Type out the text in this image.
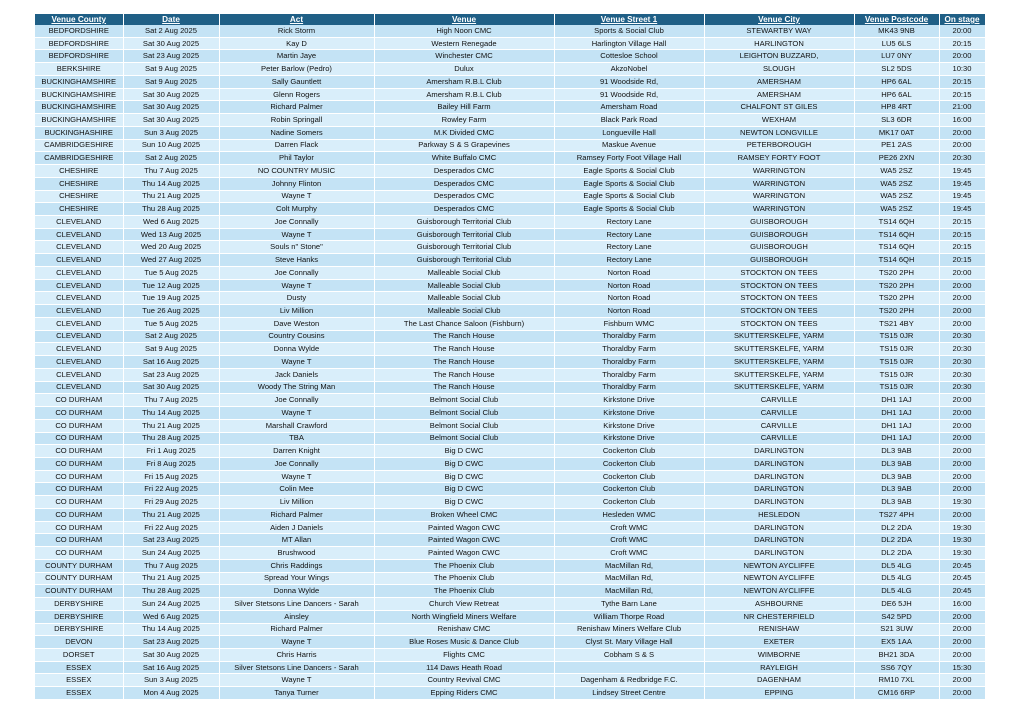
Venue County	Date	Act	Venue	Venue Street 1	Venue City	Venue Postcode	On stage
BEDFORDSHIRE	Sat 2 Aug 2025	Rick Storm	High Noon CMC	Sports & Social Club	STEWARTBY WAY	MK43 9NB	20:00
BEDFORDSHIRE	Sat 30 Aug 2025	Kay D	Western Renegade	Harlington Village Hall	HARLINGTON	LU5 6LS	20:15
BEDFORDSHIRE	Sat 23 Aug 2025	Martin Jaye	Winchester CMC	Cottesloe School	LEIGHTON BUZZARD,	LU7 0NY	20:00
BERKSHIRE	Sat 9 Aug 2025	Peter Barlow (Pedro)	Dulux	AkzoNobel	SLOUGH	SL2 5DS	10:30
BUCKINGHAMSHIRE	Sat 9 Aug 2025	Sally Gauntlett	Amersham R.B.L Club	91 Woodside Rd,	AMERSHAM	HP6 6AL	20:15
BUCKINGHAMSHIRE	Sat 30 Aug 2025	Glenn Rogers	Amersham R.B.L Club	91 Woodside Rd,	AMERSHAM	HP6 6AL	20:15
BUCKINGHAMSHIRE	Sat 30 Aug 2025	Richard Palmer	Bailey Hill Farm	Amersham Road	CHALFONT ST GILES	HP8 4RT	21:00
BUCKINGHAMSHIRE	Sat 30 Aug 2025	Robin Springall	Rowley Farm	Black Park Road	WEXHAM	SL3 6DR	16:00
BUCKINGHASHIRE	Sun 3 Aug 2025	Nadine Somers	M.K Divided CMC	Longueville Hall	NEWTON LONGVILLE	MK17 0AT	20:00
CAMBRIDGESHIRE	Sun 10 Aug 2025	Darren Flack	Parkway S & S Grapevines	Maskue Avenue	PETERBOROUGH	PE1 2AS	20:00
CAMBRIDGESHIRE	Sat 2 Aug 2025	Phil Taylor	White Buffalo CMC	Ramsey Forty Foot Village Hall	RAMSEY FORTY FOOT	PE26 2XN	20:30
CHESHIRE	Thu 7 Aug 2025	NO COUNTRY MUSIC	Desperados CMC	Eagle Sports & Social Club	WARRINGTON	WA5 2SZ	19:45
CHESHIRE	Thu 14 Aug 2025	Johnny Flinton	Desperados CMC	Eagle Sports & Social Club	WARRINGTON	WA5 2SZ	19:45
CHESHIRE	Thu 21 Aug 2025	Wayne T	Desperados CMC	Eagle Sports & Social Club	WARRINGTON	WA5 2SZ	19:45
CHESHIRE	Thu 28 Aug 2025	Colt Murphy	Desperados CMC	Eagle Sports & Social Club	WARRINGTON	WA5 2SZ	19:45
CLEVELAND	Wed 6 Aug 2025	Joe Connally	Guisborough Territorial Club	Rectory Lane	GUISBOROUGH	TS14 6QH	20:15
CLEVELAND	Wed 13 Aug 2025	Wayne T	Guisborough Territorial Club	Rectory Lane	GUISBOROUGH	TS14 6QH	20:15
CLEVELAND	Wed 20 Aug 2025	Souls n" Stone"	Guisborough Territorial Club	Rectory Lane	GUISBOROUGH	TS14 6QH	20:15
CLEVELAND	Wed 27 Aug 2025	Steve Hanks	Guisborough Territorial Club	Rectory Lane	GUISBOROUGH	TS14 6QH	20:15
CLEVELAND	Tue 5 Aug 2025	Joe Connally	Malleable Social Club	Norton Road	STOCKTON ON TEES	TS20 2PH	20:00
CLEVELAND	Tue 12 Aug 2025	Wayne T	Malleable Social Club	Norton Road	STOCKTON ON TEES	TS20 2PH	20:00
CLEVELAND	Tue 19 Aug 2025	Dusty	Malleable Social Club	Norton Road	STOCKTON ON TEES	TS20 2PH	20:00
CLEVELAND	Tue 26 Aug 2025	Liv Million	Malleable Social Club	Norton Road	STOCKTON ON TEES	TS20 2PH	20:00
CLEVELAND	Tue 5 Aug 2025	Dave Weston	The Last Chance Saloon (Fishburn)	Fishburn WMC	STOCKTON ON TEES	TS21 4BY	20:00
CLEVELAND	Sat 2 Aug 2025	Country Cousins	The Ranch House	Thoraldby Farm	SKUTTERSKELFE, YARM	TS15 0JR	20:30
CLEVELAND	Sat 9 Aug 2025	Donna Wylde	The Ranch House	Thoraldby Farm	SKUTTERSKELFE, YARM	TS15 0JR	20:30
CLEVELAND	Sat 16 Aug 2025	Wayne T	The Ranch House	Thoraldby Farm	SKUTTERSKELFE, YARM	TS15 0JR	20:30
CLEVELAND	Sat 23 Aug 2025	Jack Daniels	The Ranch House	Thoraldby Farm	SKUTTERSKELFE, YARM	TS15 0JR	20:30
CLEVELAND	Sat 30 Aug 2025	Woody The String Man	The Ranch House	Thoraldby Farm	SKUTTERSKELFE, YARM	TS15 0JR	20:30
CO DURHAM	Thu 7 Aug 2025	Joe Connally	Belmont Social Club	Kirkstone Drive	CARVILLE	DH1 1AJ	20:00
CO DURHAM	Thu 14 Aug 2025	Wayne T	Belmont Social Club	Kirkstone Drive	CARVILLE	DH1 1AJ	20:00
CO DURHAM	Thu 21 Aug 2025	Marshall Crawford	Belmont Social Club	Kirkstone Drive	CARVILLE	DH1 1AJ	20:00
CO DURHAM	Thu 28 Aug 2025	TBA	Belmont Social Club	Kirkstone Drive	CARVILLE	DH1 1AJ	20:00
CO DURHAM	Fri 1 Aug 2025	Darren Knight	Big D CWC	Cockerton Club	DARLINGTON	DL3 9AB	20:00
CO DURHAM	Fri 8 Aug 2025	Joe Connally	Big D CWC	Cockerton Club	DARLINGTON	DL3 9AB	20:00
CO DURHAM	Fri 15 Aug 2025	Wayne T	Big D CWC	Cockerton Club	DARLINGTON	DL3 9AB	20:00
CO DURHAM	Fri 22 Aug 2025	Colin Mee	Big D CWC	Cockerton Club	DARLINGTON	DL3 9AB	20:00
CO DURHAM	Fri 29 Aug 2025	Liv Million	Big D CWC	Cockerton Club	DARLINGTON	DL3 9AB	19:30
CO DURHAM	Thu 21 Aug 2025	Richard Palmer	Broken Wheel CMC	Hesleden WMC	HESLEDON	TS27 4PH	20:00
CO DURHAM	Fri 22 Aug 2025	Aiden J Daniels	Painted Wagon CWC	Croft WMC	DARLINGTON	DL2 2DA	19:30
CO DURHAM	Sat 23 Aug 2025	MT Allan	Painted Wagon CWC	Croft WMC	DARLINGTON	DL2 2DA	19:30
CO DURHAM	Sun 24 Aug 2025	Brushwood	Painted Wagon CWC	Croft WMC	DARLINGTON	DL2 2DA	19:30
COUNTY DURHAM	Thu 7 Aug 2025	Chris Raddings	The Phoenix Club	MacMillan Rd,	NEWTON AYCLIFFE	DL5 4LG	20:45
COUNTY DURHAM	Thu 21 Aug 2025	Spread Your Wings	The Phoenix Club	MacMillan Rd,	NEWTON AYCLIFFE	DL5 4LG	20:45
COUNTY DURHAM	Thu 28 Aug 2025	Donna Wylde	The Phoenix Club	MacMillan Rd,	NEWTON AYCLIFFE	DL5 4LG	20:45
DERBYSHIRE	Sun 24 Aug 2025	Silver Stetsons Line Dancers - Sarah	Church View Retreat	Tythe Barn Lane	ASHBOURNE	DE6 5JH	16:00
DERBYSHIRE	Wed 6 Aug 2025	Ainsley	North Wingfield Miners Welfare	William Thorpe Road	NR CHESTERFIELD	S42 5PD	20:00
DERBYSHIRE	Thu 14 Aug 2025	Richard Palmer	Renishaw CMC	Renishaw Miners Welfare Club	RENISHAW	S21 3UW	20:00
DEVON	Sat 23 Aug 2025	Wayne T	Blue Roses Music & Dance Club	Clyst St. Mary Village Hall	EXETER	EX5 1AA	20:00
DORSET	Sat 30 Aug 2025	Chris Harris	Flights CMC	Cobham S & S	WIMBORNE	BH21 3DA	20:00
ESSEX	Sat 16 Aug 2025	Silver Stetsons Line Dancers - Sarah	114 Daws Heath Road		RAYLEIGH	SS6 7QY	15:30
ESSEX	Sun 3 Aug 2025	Wayne T	Country Revival CMC	Dagenham & Redbridge F.C.	DAGENHAM	RM10 7XL	20:00
ESSEX	Mon 4 Aug 2025	Tanya Turner	Epping Riders CMC	Lindsey Street Centre	EPPING	CM16 6RP	20:00
